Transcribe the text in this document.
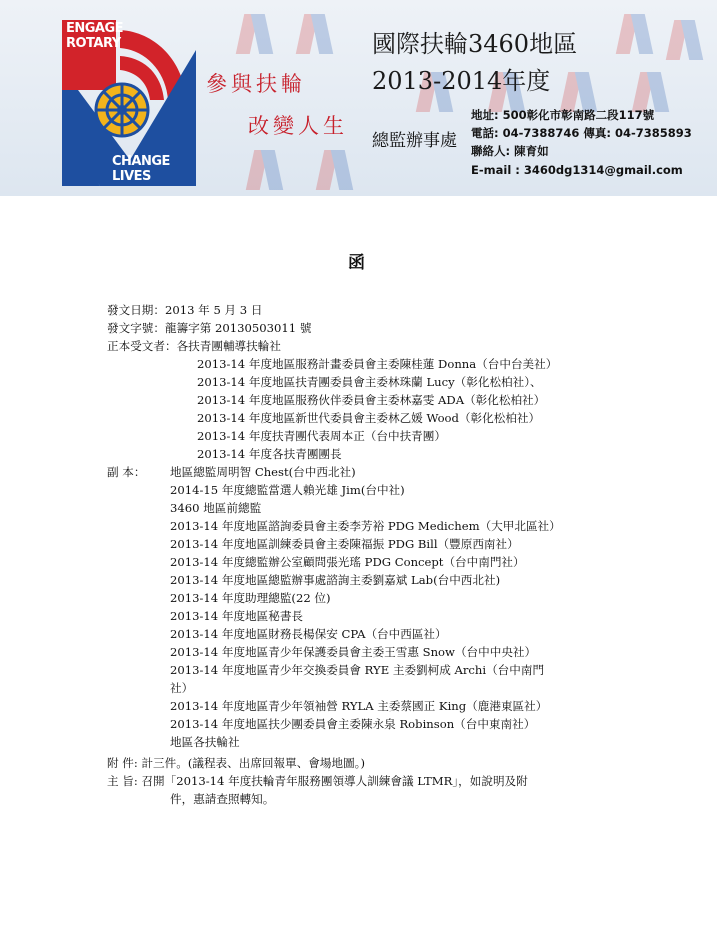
ENGAGE
ROTARY
CHANGE
LIVES
參與扶輪
改變人生
國際扶輪3460地區
2013-2014年度
總監辦事處
地址: 500彰化市彰南路二段117號
電話: 04-7388746 傳真: 04-7385893
聯絡人: 陳育如
E-mail : 3460dg1314@gmail.com
函
發文日期：2013 年 5 月 3 日
發文字號：龍籌字第 20130503011 號
正本受文者：各扶青團輔導扶輪社
2013-14 年度地區服務計畫委員會主委陳桂蓮 Donna（台中台美社）
2013-14 年度地區扶青團委員會主委林珠蘭 Lucy（彰化松柏社）、
2013-14 年度地區服務伙伴委員會主委林嘉雯 ADA（彰化松柏社）
2013-14 年度地區新世代委員會主委林乙媛 Wood（彰化松柏社）
2013-14 年度扶青團代表周本正（台中扶青團）
2013-14 年度各扶青團團長
副 本： 地區總監周明智 Chest(台中西北社)
2014-15 年度總監當選人賴光雄 Jim(台中社)
3460 地區前總監
2013-14 年度地區諮詢委員會主委李芳裕 PDG Medichem（大甲北區社）
2013-14 年度地區訓練委員會主委陳福振 PDG Bill（豐原西南社）
2013-14 年度總監辦公室顧問張光瑤 PDG Concept（台中南門社）
2013-14 年度地區總監辦事處諮詢主委劉嘉斌 Lab(台中西北社)
2013-14 年度助理總監(22 位)
2013-14 年度地區秘書長
2013-14 年度地區財務長楊保安 CPA（台中西區社）
2013-14 年度地區青少年保護委員會主委王雪惠 Snow（台中中央社）
2013-14 年度地區青少年交換委員會 RYE 主委劉柯成 Archi（台中南門
社）
2013-14 年度地區青少年領袖營 RYLA 主委蔡國正 King（鹿港東區社）
2013-14 年度地區扶少團委員會主委陳永泉 Robinson（台中東南社）
地區各扶輪社
附 件: 計三件。(議程表、出席回報單、會場地圖。)
主 旨: 召開「2013-14 年度扶輪青年服務團領導人訓練會議 LTMR」，如說明及附
件，惠請查照轉知。
